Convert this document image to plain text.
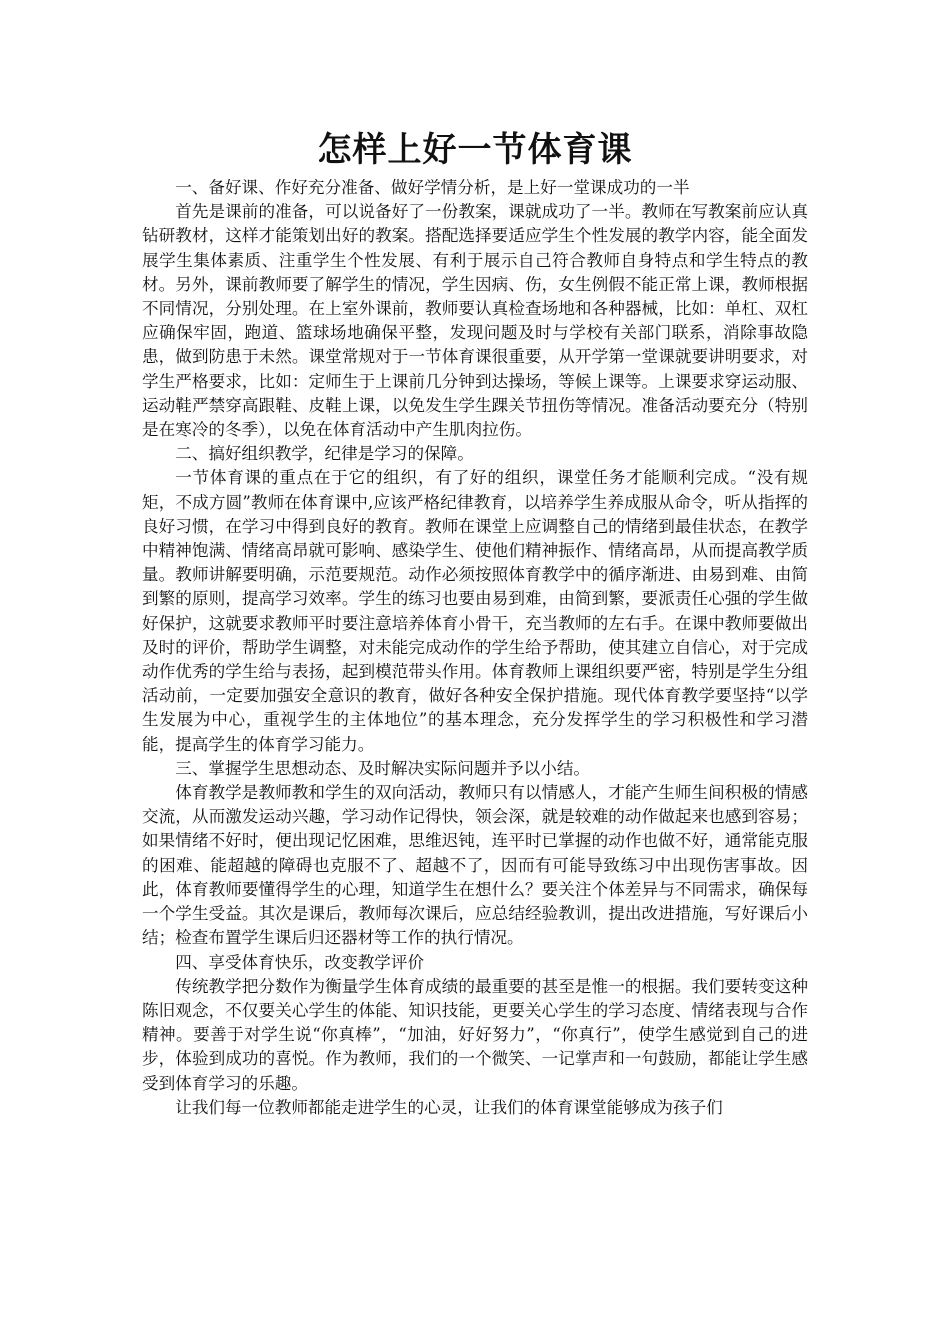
怎样上好一节体育课

一、备好课、作好充分准备、做好学情分析，是上好一堂课成功的一半

首先是课前的准备，可以说备好了一份教案，课就成功了一半。教师在写教案前应认真钻研教材，这样才能策划出好的教案。搭配选择要适应学生个性发展的教学内容，能全面发展学生集体素质、注重学生个性发展、有利于展示自己符合教师自身特点和学生特点的教材。另外，课前教师要了解学生的情况，学生因病、伤，女生例假不能正常上课，教师根据不同情况，分别处理。在上室外课前，教师要认真检查场地和各种器械，比如：单杠、双杠应确保牢固，跑道、篮球场地确保平整，发现问题及时与学校有关部门联系，消除事故隐患，做到防患于未然。课堂常规对于一节体育课很重要，从开学第一堂课就要讲明要求，对学生严格要求，比如：定师生于上课前几分钟到达操场，等候上课等。上课要求穿运动服、运动鞋严禁穿高跟鞋、皮鞋上课，以免发生学生踝关节扭伤等情况。准备活动要充分（特别是在寒冷的冬季），以免在体育活动中产生肌肉拉伤。

二、搞好组织教学，纪律是学习的保障。

一节体育课的重点在于它的组织，有了好的组织，课堂任务才能顺利完成。“没有规矩，不成方圆”教师在体育课中,应该严格纪律教育，以培养学生养成服从命令，听从指挥的良好习惯，在学习中得到良好的教育。教师在课堂上应调整自己的情绪到最佳状态，在教学中精神饱满、情绪高昂就可影响、感染学生、使他们精神振作、情绪高昂，从而提高教学质量。教师讲解要明确，示范要规范。动作必须按照体育教学中的循序渐进、由易到难、由简到繁的原则，提高学习效率。学生的练习也要由易到难，由简到繁，要派责任心强的学生做好保护，这就要求教师平时要注意培养体育小骨干，充当教师的左右手。在课中教师要做出及时的评价，帮助学生调整，对未能完成动作的学生给予帮助，使其建立自信心，对于完成动作优秀的学生给与表扬，起到模范带头作用。体育教师上课组织要严密，特别是学生分组活动前，一定要加强安全意识的教育，做好各种安全保护措施。现代体育教学要坚持“以学生发展为中心，重视学生的主体地位”的基本理念，充分发挥学生的学习积极性和学习潜能，提高学生的体育学习能力。

三、掌握学生思想动态、及时解决实际问题并予以小结。

体育教学是教师教和学生的双向活动，教师只有以情感人，才能产生师生间积极的情感交流，从而激发运动兴趣，学习动作记得快，领会深，就是较难的动作做起来也感到容易；如果情绪不好时，便出现记忆困难，思维迟钝，连平时已掌握的动作也做不好，通常能克服的困难、能超越的障碍也克服不了、超越不了，因而有可能导致练习中出现伤害事故。因此，体育教师要懂得学生的心理，知道学生在想什么？要关注个体差异与不同需求，确保每一个学生受益。其次是课后，教师每次课后，应总结经验教训，提出改进措施，写好课后小结；检查布置学生课后归还器材等工作的执行情况。

四、享受体育快乐，改变教学评价

传统教学把分数作为衡量学生体育成绩的最重要的甚至是惟一的根据。我们要转变这种陈旧观念，不仅要关心学生的体能、知识技能，更要关心学生的学习态度、情绪表现与合作精神。要善于对学生说“你真棒”，“加油，好好努力”，“你真行”，使学生感觉到自己的进步，体验到成功的喜悦。作为教师，我们的一个微笑、一记掌声和一句鼓励，都能让学生感受到体育学习的乐趣。

让我们每一位教师都能走进学生的心灵，让我们的体育课堂能够成为孩子们
